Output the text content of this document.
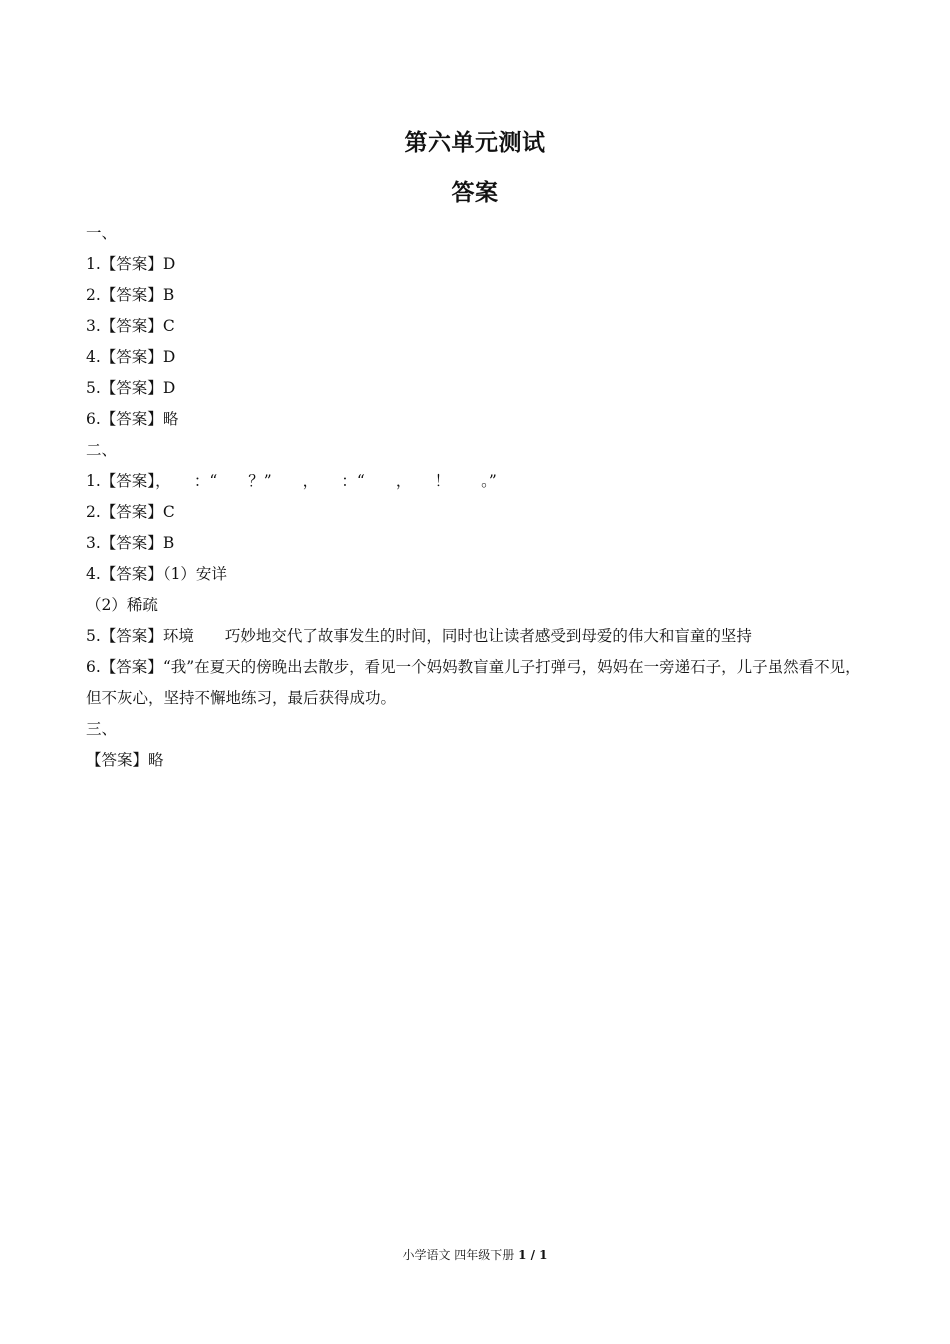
第六单元测试
答案
一、
1.【答案】D
2.【答案】B
3.【答案】C
4.【答案】D
5.【答案】D
6.【答案】略
二、
1.【答案】，　　：“　　？”　　，　　：“　　，　　！　　。”
2.【答案】C
3.【答案】B
4.【答案】（1）安详
（2）稀疏
5.【答案】环境　　巧妙地交代了故事发生的时间，同时也让读者感受到母爱的伟大和盲童的坚持
6.【答案】“我”在夏天的傍晚出去散步，看见一个妈妈教盲童儿子打弹弓，妈妈在一旁递石子，儿子虽然看不见，但不灰心，坚持不懈地练习，最后获得成功。
三、
【答案】略
小学语文 四年级下册 1 / 1
